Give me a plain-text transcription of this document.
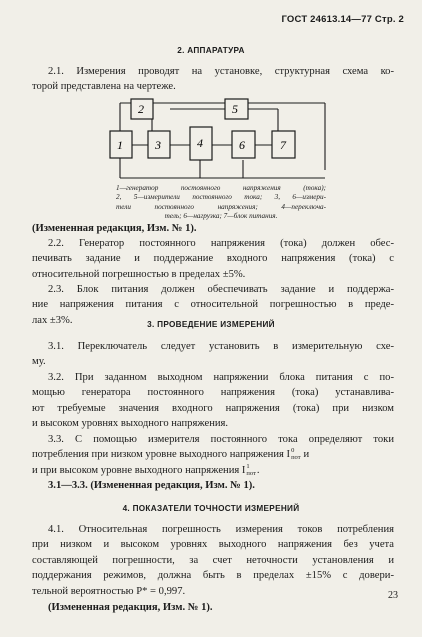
ГОСТ 24613.14—77 Стр. 2
2. АППАРАТУРА
2.1. Измерения проводят на установке, структурная схема ко-
торой представлена на чертеже.
1
2
3	4
5
6	7
1—генератор постоянного напряжения (тока);
2, 5—измерители постоянного тока; 3, 6—измери-
тели постоянного напряжения; 4—переключа-
тель; 6—нагрузка; 7—блок питания.
(Измененная редакция, Изм. № 1).
2.2. Генератор постоянного напряжения (тока) должен обес-
печивать задание и поддержание входного напряжения (тока) с
относительной погрешностью в пределах ±5%.
2.3. Блок питания должен обеспечивать задание и поддержа-
ние напряжения питания с относительной погрешностью в преде-
лах ±3%.	3. ПРОВЕДЕНИЕ ИЗМЕРЕНИЙ
3.1. Переключатель следует установить в измерительную схе-
му.
3.2. При заданном выходном напряжении блока питания с по-
мощью генератора постоянного напряжения (тока) устанавлива-
ют требуемые значения входного напряжения (тока) при низком
и высоком уровнях выходного напряжения.
3.3. С помощью измерителя постоянного тока определяют токи
потребления при низком уровне выходного напряжения I 0
пот и
и при высоком уровне выходного напряжения I 1
пот .
3.1—3.3. (Измененная редакция, Изм. № 1).
4. ПОКАЗАТЕЛИ ТОЧНОСТИ ИЗМЕРЕНИЙ
4.1. Относительная погрешность измерения токов потребления
при низком и высоком уровнях выходного напряжения без учета
составляющей погрешности, за счет неточности установления и
поддержания режимов, должна быть в пределах ±15% с довери-
тельной вероятностью P* = 0,997.
(Измененная редакция, Изм. № 1).
23
